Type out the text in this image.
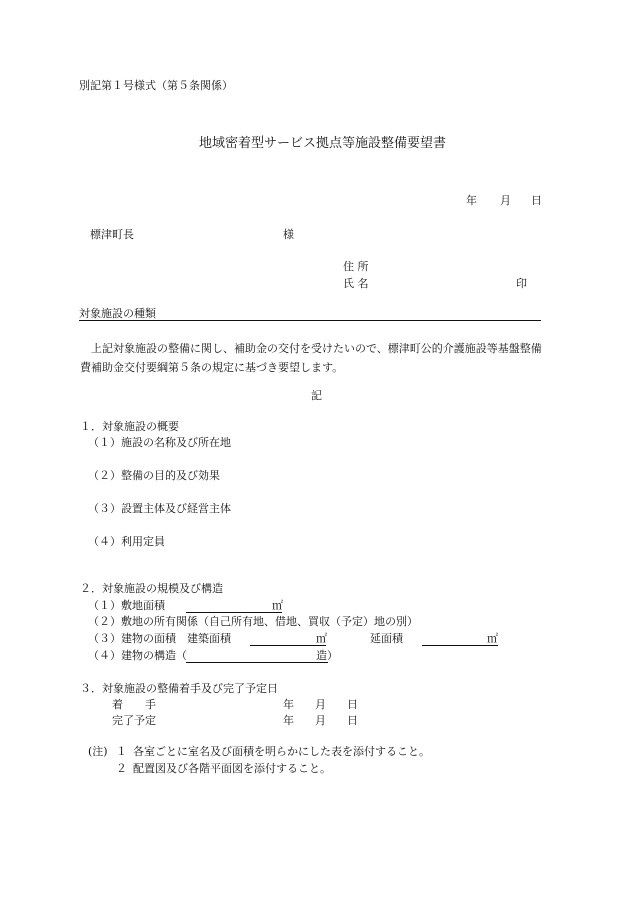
別記第１号様式（第５条関係）
地域密着型サービス拠点等施設整備要望書
年 月 日
標津町長	様
住 所
氏 名	印
対象施設の種類
　上記対象施設の整備に関し、補助金の交付を受けたいので、標津町公的介護施設等基盤整備費補助金交付要綱第５条の規定に基づき要望します。
記
１．対象施設の概要
（１）施設の名称及び所在地
（２）整備の目的及び効果
（３）設置主体及び経営主体
（４）利用定員
２．対象施設の規模及び構造
（１）敷地面積	㎡
（２）敷地の所有関係（自己所有地、借地、買収（予定）地の別）
（３）建物の面積　建築面積	㎡	延面積	㎡
（４）建物の構造（	造）
３．対象施設の整備着手及び完了予定日
着　　手	年 月 日
完了予定	年 月 日
(注) １ 各室ごとに室名及び面積を明らかにした表を添付すること。
２ 配置図及び各階平面図を添付すること。
